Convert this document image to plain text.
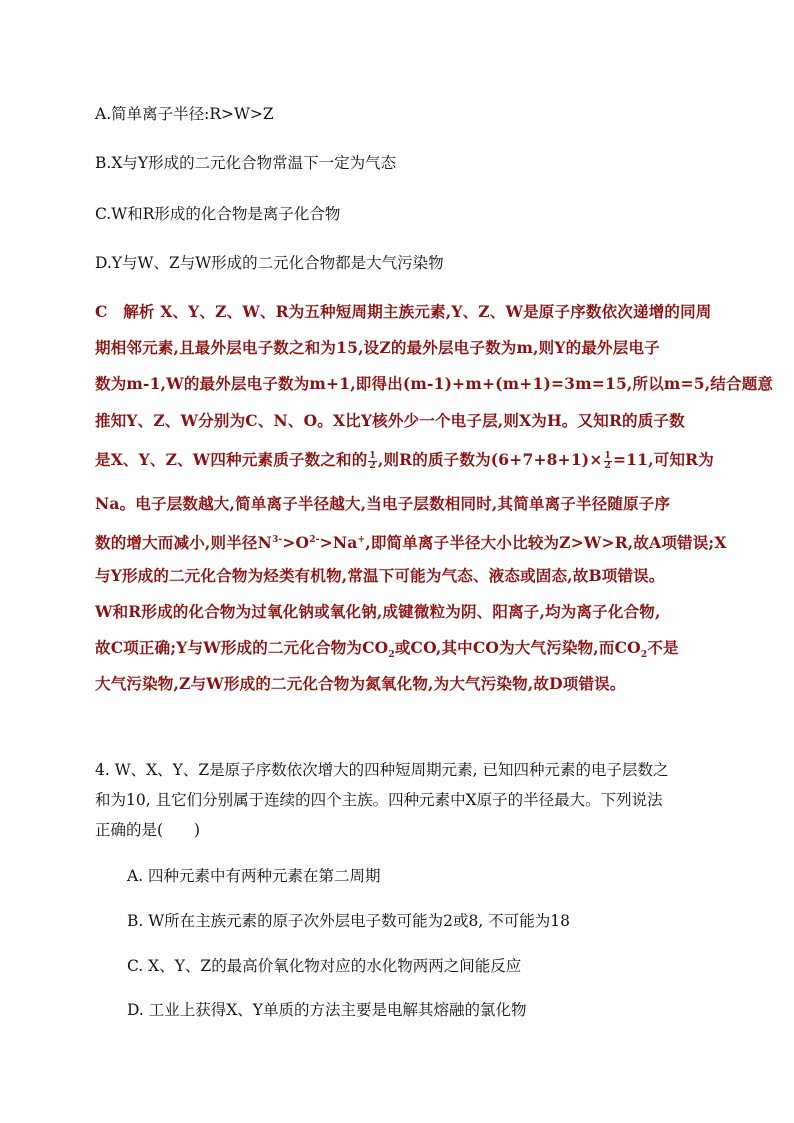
A.简单离子半径:R>W>Z
B.X与Y形成的二元化合物常温下一定为气态
C.W和R形成的化合物是离子化合物
D.Y与W、Z与W形成的二元化合物都是大气污染物
C　解析 X、Y、Z、W、R为五种短周期主族元素,Y、Z、W是原子序数依次递增的同周
期相邻元素,且最外层电子数之和为15,设Z的最外层电子数为m,则Y的最外层电子
数为m-1,W的最外层电子数为m+1,即得出(m-1)+m+(m+1)=3m=15,所以m=5,结合题意
推知Y、Z、W分别为C、N、O。X比Y核外少一个电子层,则X为H。又知R的质子数
是X、Y、Z、W四种元素质子数之和的 $\frac{1}{2}$ ,则R的质子数为$(6+7+8+1)\times \frac{1}{2} =11$,可知R为
Na。电子层数越大,简单离子半径越大,当电子层数相同时,其简单离子半径随原子序
数的增大而减小,则半径$N^{3-}>O^{2-}>Na^+$,即简单离子半径大小比较为Z>W>R,故A项错误;X
与Y形成的二元化合物为烃类有机物,常温下可能为气态、液态或固态,故B项错误。
W和R形成的化合物为过氧化钠或氧化钠,成键微粒为阴、阳离子,均为离子化合物,
故C项正确;Y与W形成的二元化合物为$CO_2$或CO,其中CO为大气污染物,而$CO_2$不是
大气污染物,Z与W形成的二元化合物为氮氧化物,为大气污染物,故D项错误。
4. W、X、Y、Z是原子序数依次增大的四种短周期元素, 已知四种元素的电子层数之
和为10, 且它们分别属于连续的四个主族。四种元素中X原子的半径最大。下列说法
正确的是(　　)
A. 四种元素中有两种元素在第二周期
B. W所在主族元素的原子次外层电子数可能为2或8, 不可能为18
C. X、Y、Z的最高价氧化物对应的水化物两两之间能反应
D. 工业上获得X、Y单质的方法主要是电解其熔融的氯化物
